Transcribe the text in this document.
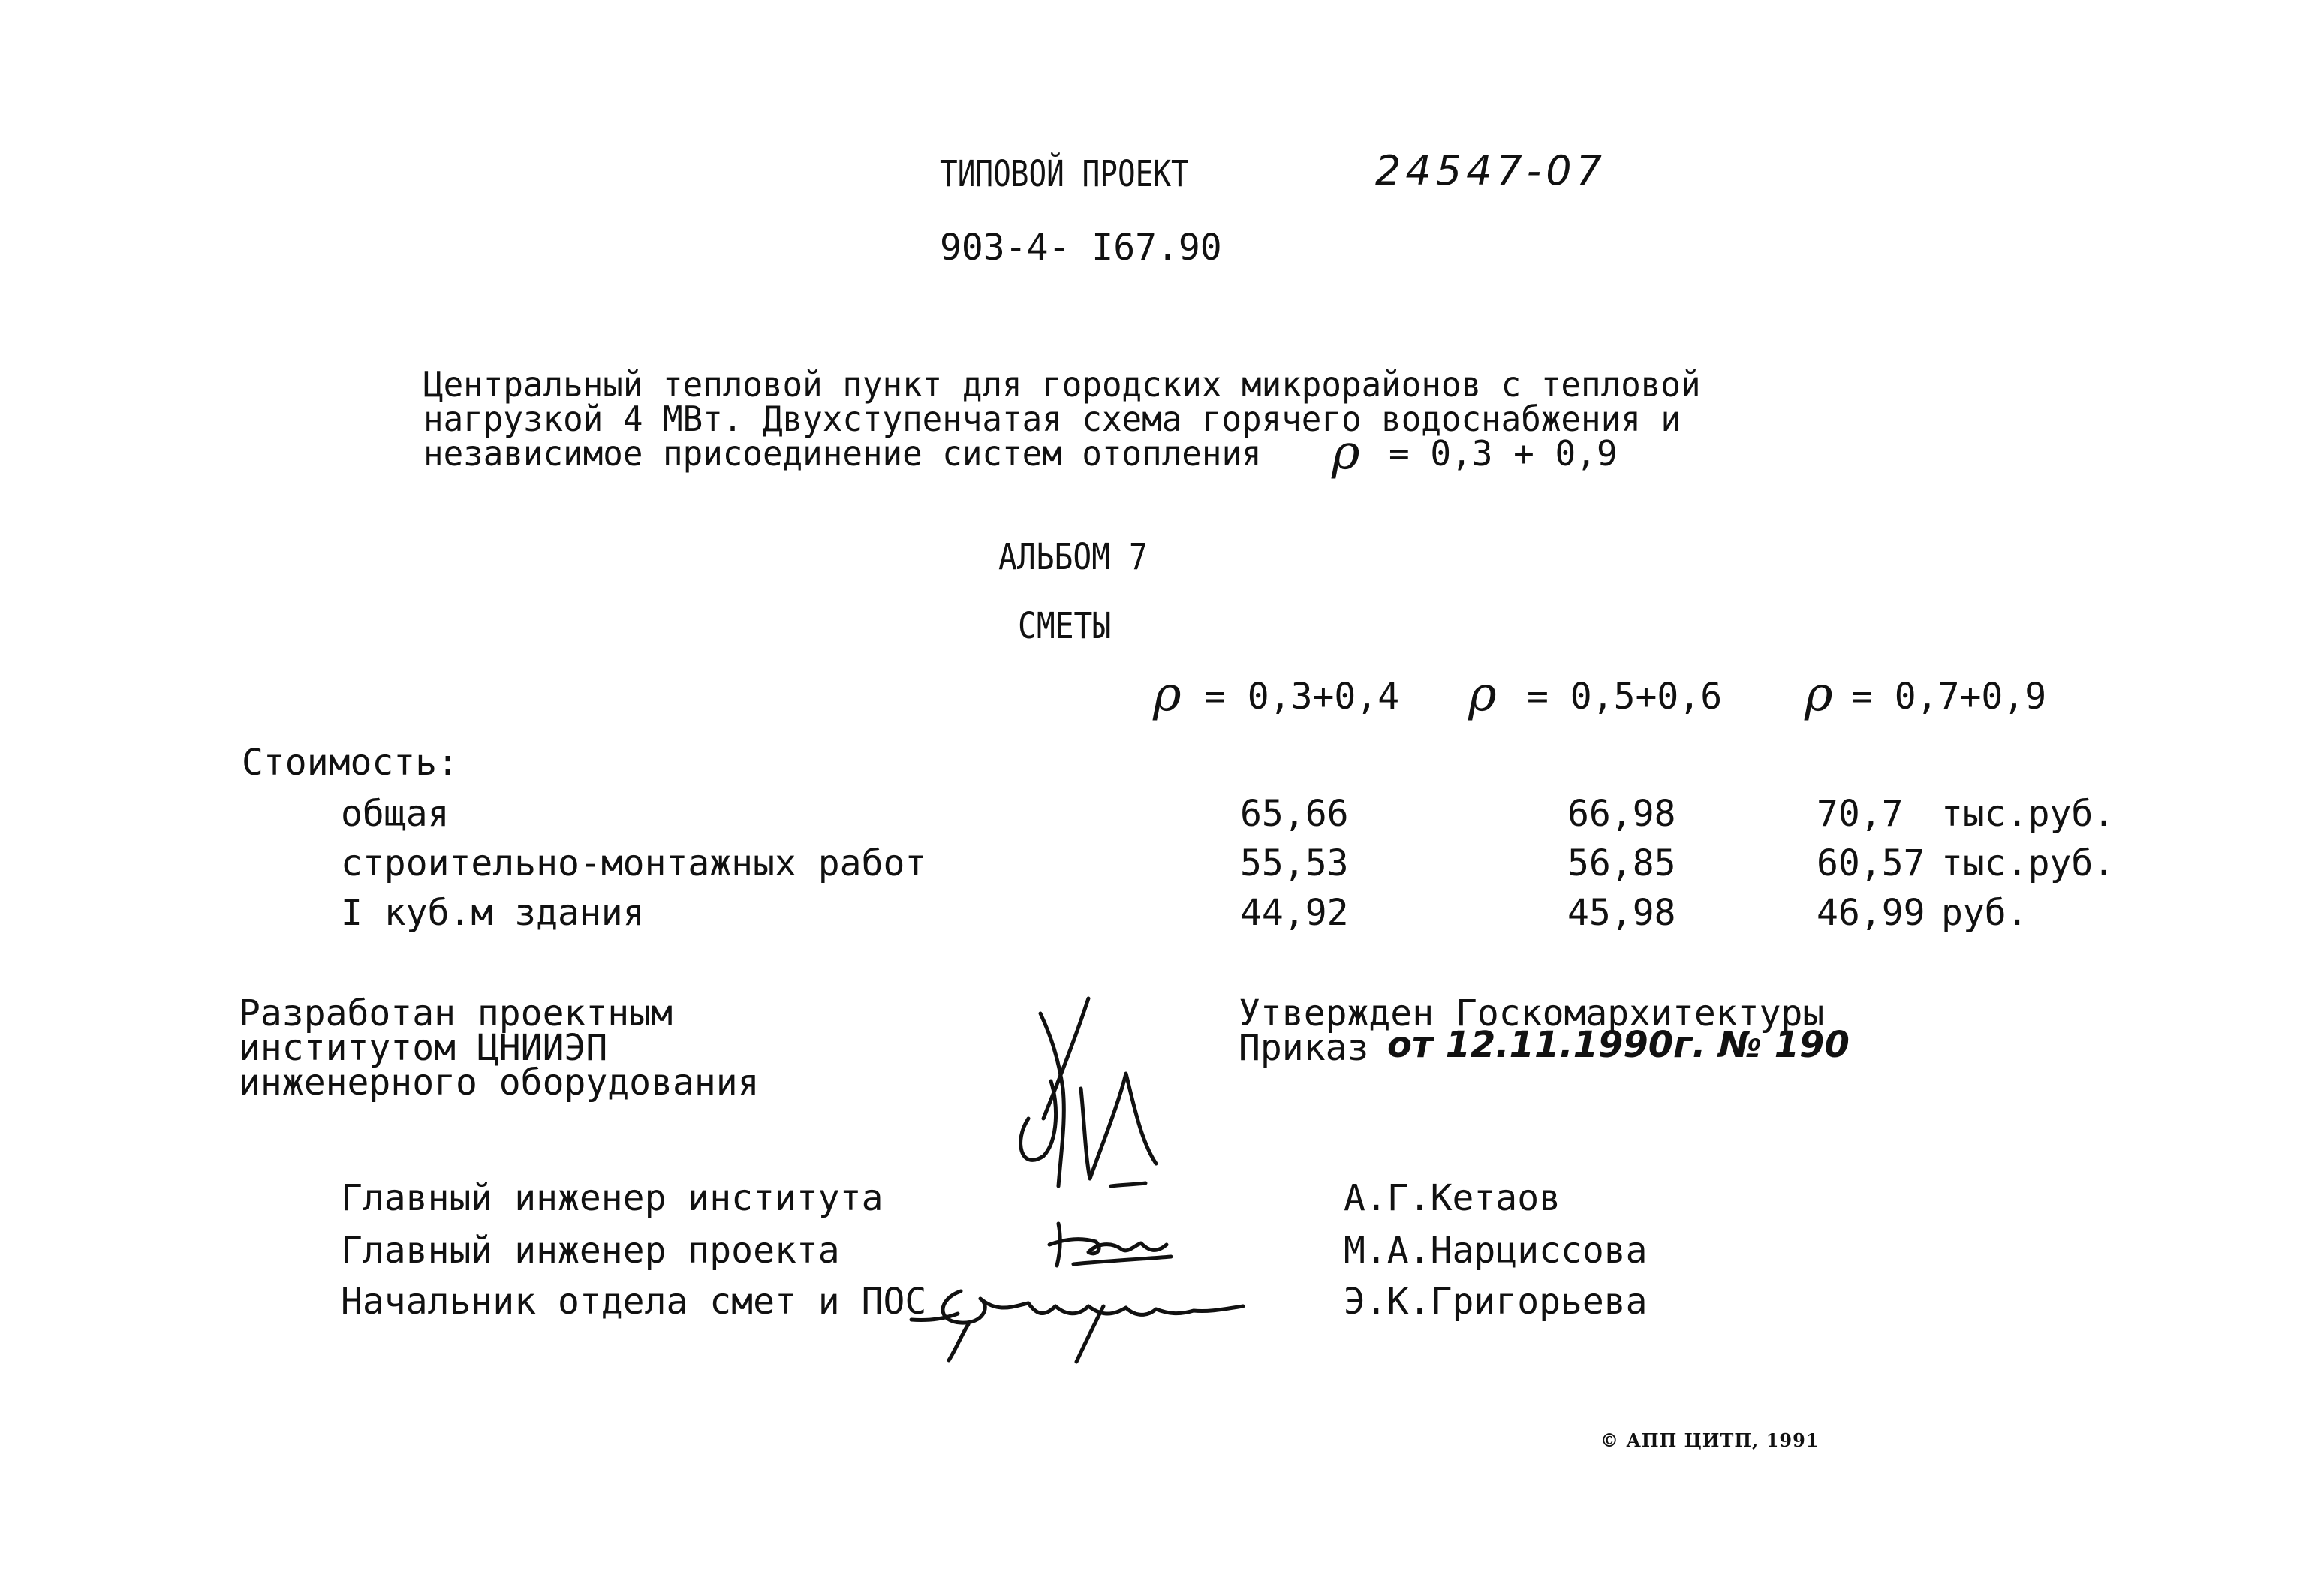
ТИПОВОЙ ПРОЕКТ	24547-07
903-4- I67.90
Центральный тепловой пункт для городских микрорайонов с тепловой
нагрузкой 4 МВт. Двухступенчатая схема горячего водоснабжения и
независимое присоединение систем отопления ρ = 0,3 + 0,9
АЛЬБОМ 7
СМЕТЫ
ρ = 0,3+0,4 ρ = 0,5+0,6 ρ = 0,7+0,9
Стоимость:
общая	65,66	66,98	70,7 тыс.руб.
строительно-монтажных работ	55,53	56,85	60,57 тыс.руб.
I куб.м здания	44,92	45,98	46,99 руб.
Разработан проектным
институтом ЦНИИЭП
инженерного оборудования
Утвержден Госкомархитектуры
Приказ от 12.11.1990г. № 190
Главный инженер института	А.Г.Кетаов
Главный инженер проекта	М.А.Нарциссова
Начальник отдела смет и ПОС	Э.К.Григорьева
© АПП ЦИТП, 1991
